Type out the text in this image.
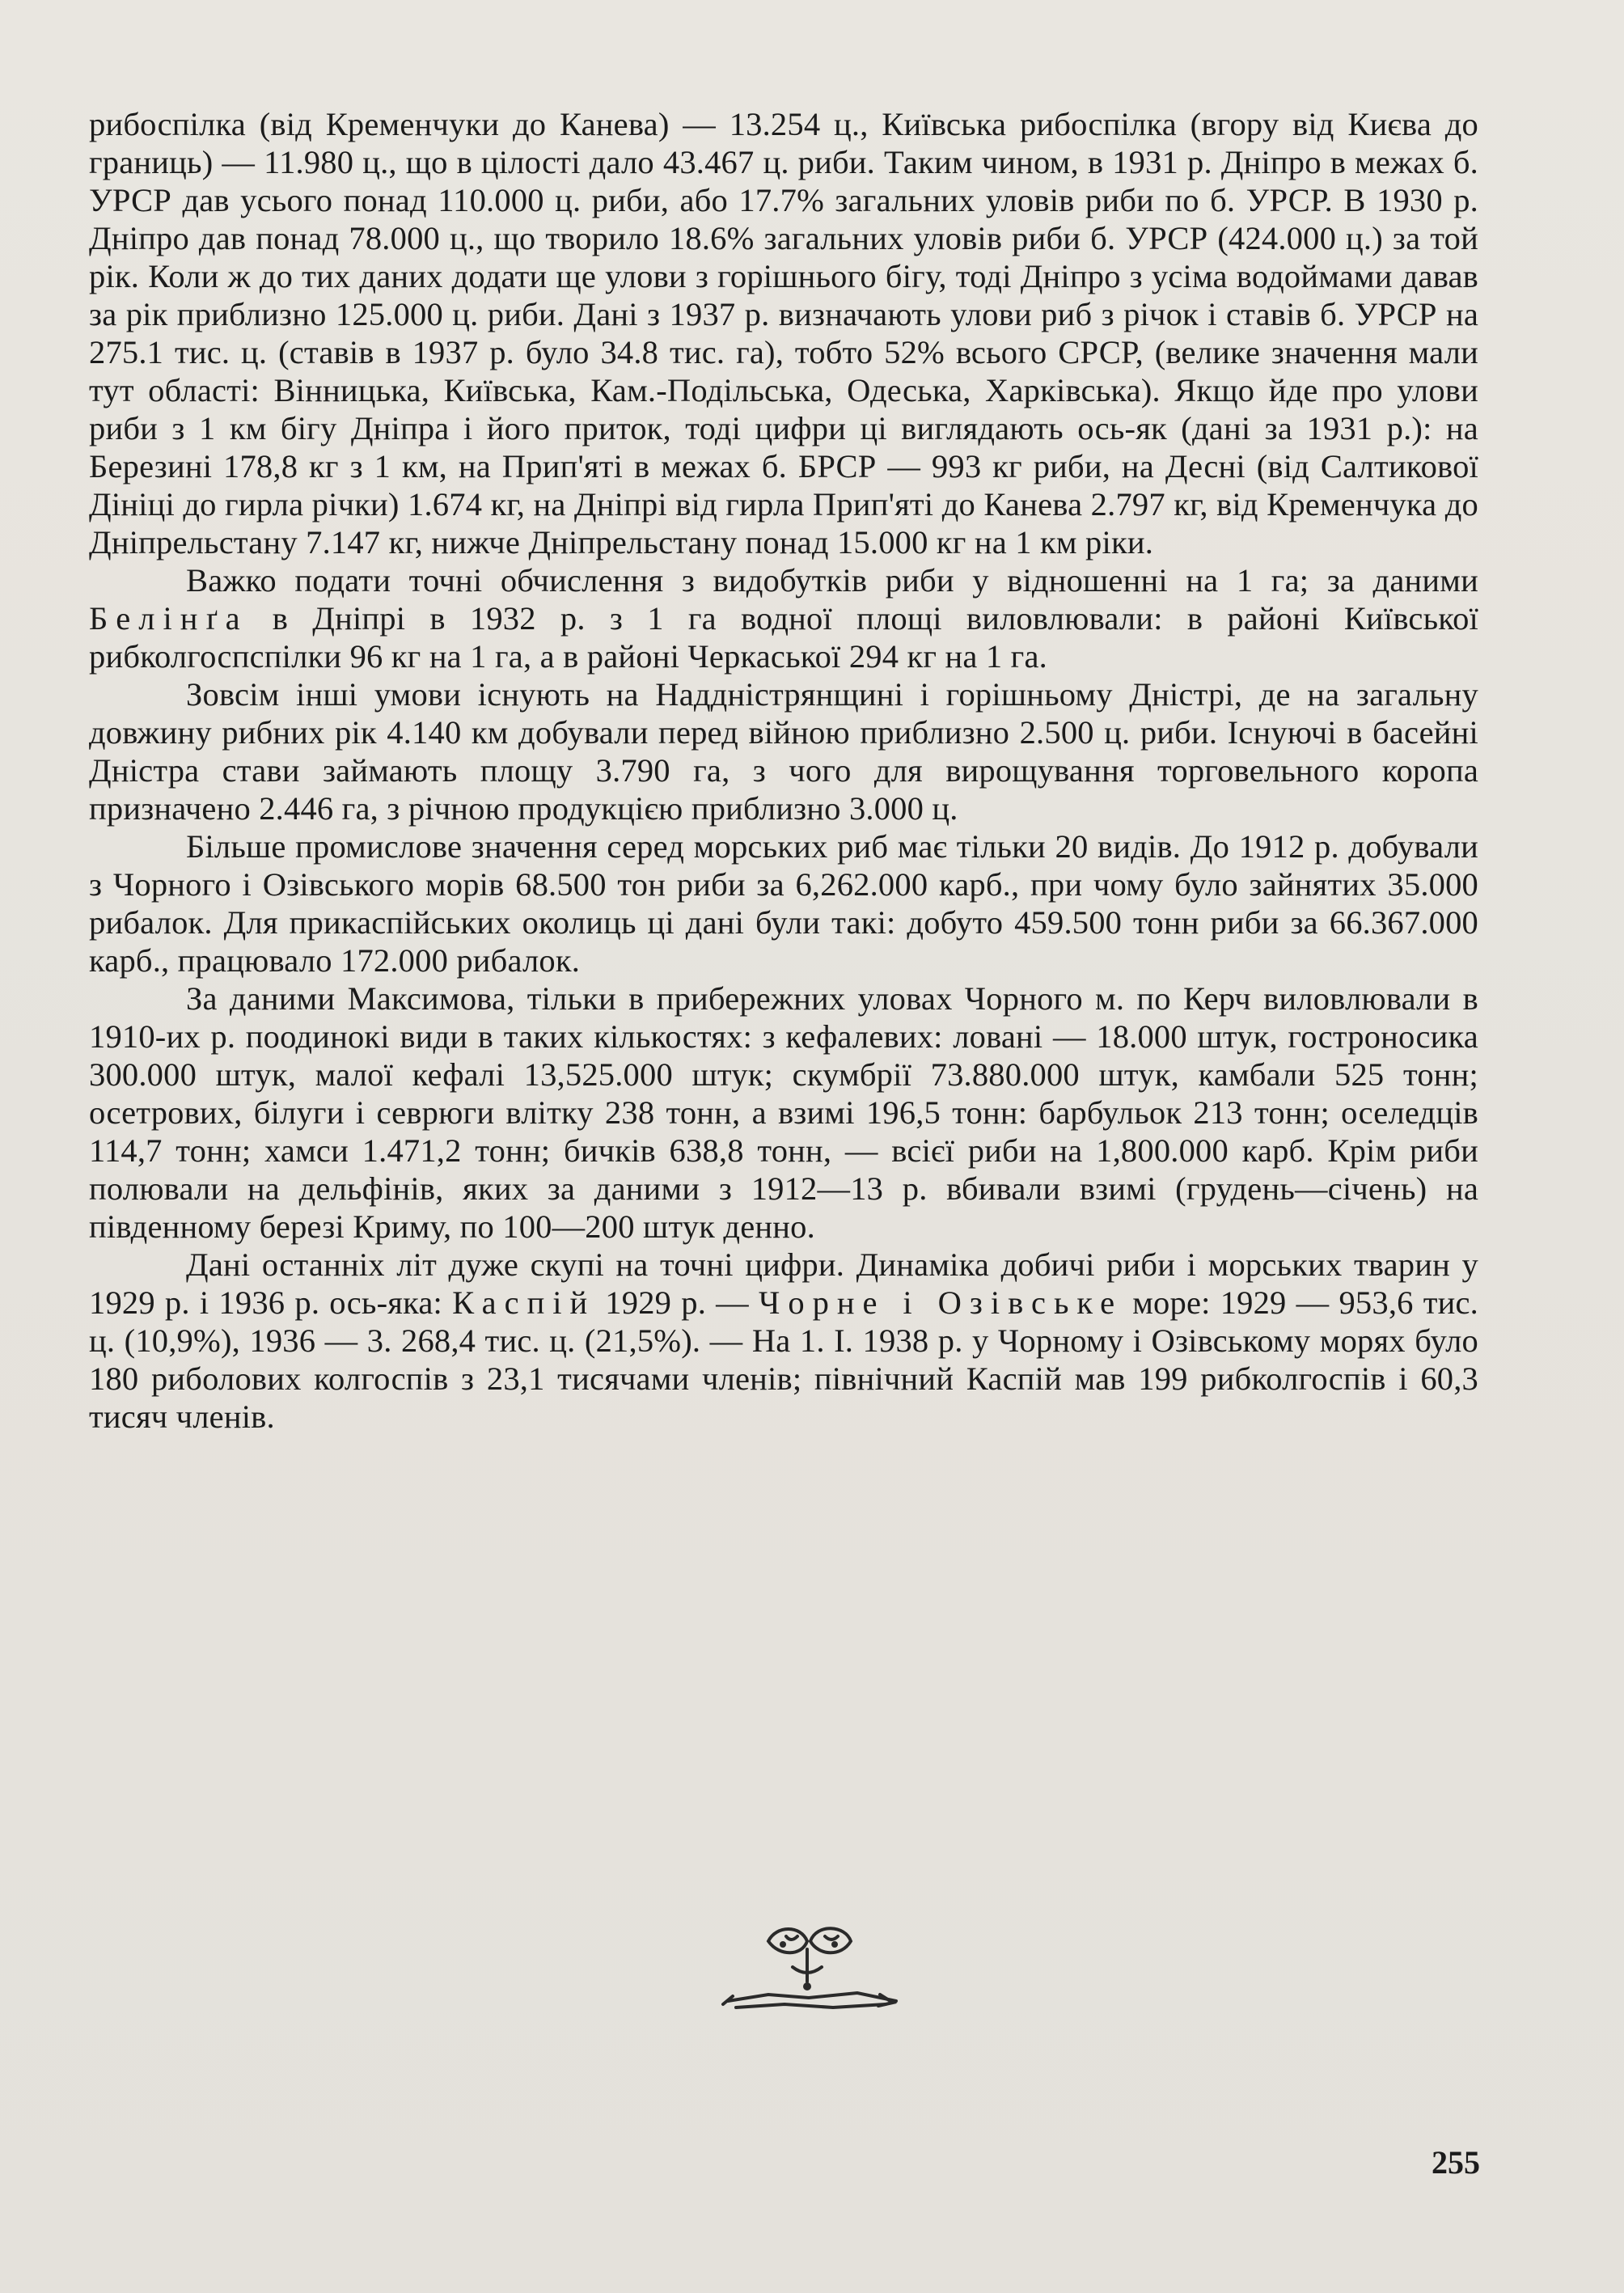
рибоспілка (від Кременчуки до Канева) — 13.254 ц., Київська рибоспілка (вгору від Києва до границь) — 11.980 ц., що в цілості дало 43.467 ц. риби. Таким чином, в 1931 р. Дніпро в межах б. УРСР дав усього понад 110.000 ц. риби, або 17.7% загальних уловів риби по б. УРСР. В 1930 р. Дніпро дав понад 78.000 ц., що творило 18.6% загальних уловів риби б. УРСР (424.000 ц.) за той рік. Коли ж до тих даних додати ще улови з горішнього бігу, тоді Дніпро з усіма водоймами давав за рік приблизно 125.000 ц. риби. Дані з 1937 р. визначають улови риб з річок і ставів б. УРСР на 275.1 тис. ц. (ставів в 1937 р. було 34.8 тис. га), тобто 52% всього СРСР, (велике значення мали тут області: Вінницька, Київська, Кам.-Подільська, Одеська, Харківська). Якщо йде про улови риби з 1 км бігу Дніпра і його приток, тоді цифри ці виглядають ось-як (дані за 1931 р.): на Березині 178,8 кг з 1 км, на Прип'яті в межах б. БРСР — 993 кг риби, на Десні (від Салтикової Дініці до гирла річки) 1.674 кг, на Дніпрі від гирла Прип'яті до Канева 2.797 кг, від Кременчука до Дніпрельстану 7.147 кг, нижче Дніпрельстану понад 15.000 кг на 1 км ріки.

Важко подати точні обчислення з видобутків риби у відношенні на 1 га; за даними Белінґа в Дніпрі в 1932 р. з 1 га водної площі виловлювали: в районі Київської рибколгоспспілки 96 кг на 1 га, а в районі Черкаської 294 кг на 1 га.

Зовсім інші умови існують на Наддністрянщині і горішньому Дністрі, де на загальну довжину рибних рік 4.140 км добували перед війною приблизно 2.500 ц. риби. Існуючі в басейні Дністра стави займають площу 3.790 га, з чого для вирощування торговельного коропа призначено 2.446 га, з річною продукцією приблизно 3.000 ц.

Більше промислове значення серед морських риб має тільки 20 видів. До 1912 р. добували з Чорного і Озівського морів 68.500 тон риби за 6,262.000 карб., при чому було зайнятих 35.000 рибалок. Для прикаспійських околиць ці дані були такі: добуто 459.500 тонн риби за 66.367.000 карб., працювало 172.000 рибалок.

За даними Максимова, тільки в прибережних уловах Чорного м. по Керч виловлювали в 1910-их р. поодинокі види в таких кількостях: з кефалевих: ловані — 18.000 штук, гостроносика 300.000 штук, малої кефалі 13,525.000 штук; скумбрії 73.880.000 штук, камбали 525 тонн; осетрових, білуги і севрюги влітку 238 тонн, а взимі 196,5 тонн: барбульок 213 тонн; оселедців 114,7 тонн; хамси 1.471,2 тонн; бичків 638,8 тонн, — всієї риби на 1,800.000 карб. Крім риби полювали на дельфінів, яких за даними з 1912—13 р. вбивали взимі (грудень—січень) на південному березі Криму, по 100—200 штук денно.

Дані останніх літ дуже скупі на точні цифри. Динаміка добичі риби і морських тварин у 1929 р. і 1936 р. ось-яка: Каспій 1929 р. — Чорне і Озівське море: 1929 — 953,6 тис. ц. (10,9%), 1936 — 3. 268,4 тис. ц. (21,5%). — На 1. І. 1938 р. у Чорному і Озівському морях було 180 риболових колгоспів з 23,1 тисячами членів; північний Каспій мав 199 рибколгоспів і 60,3 тисяч членів.

255
